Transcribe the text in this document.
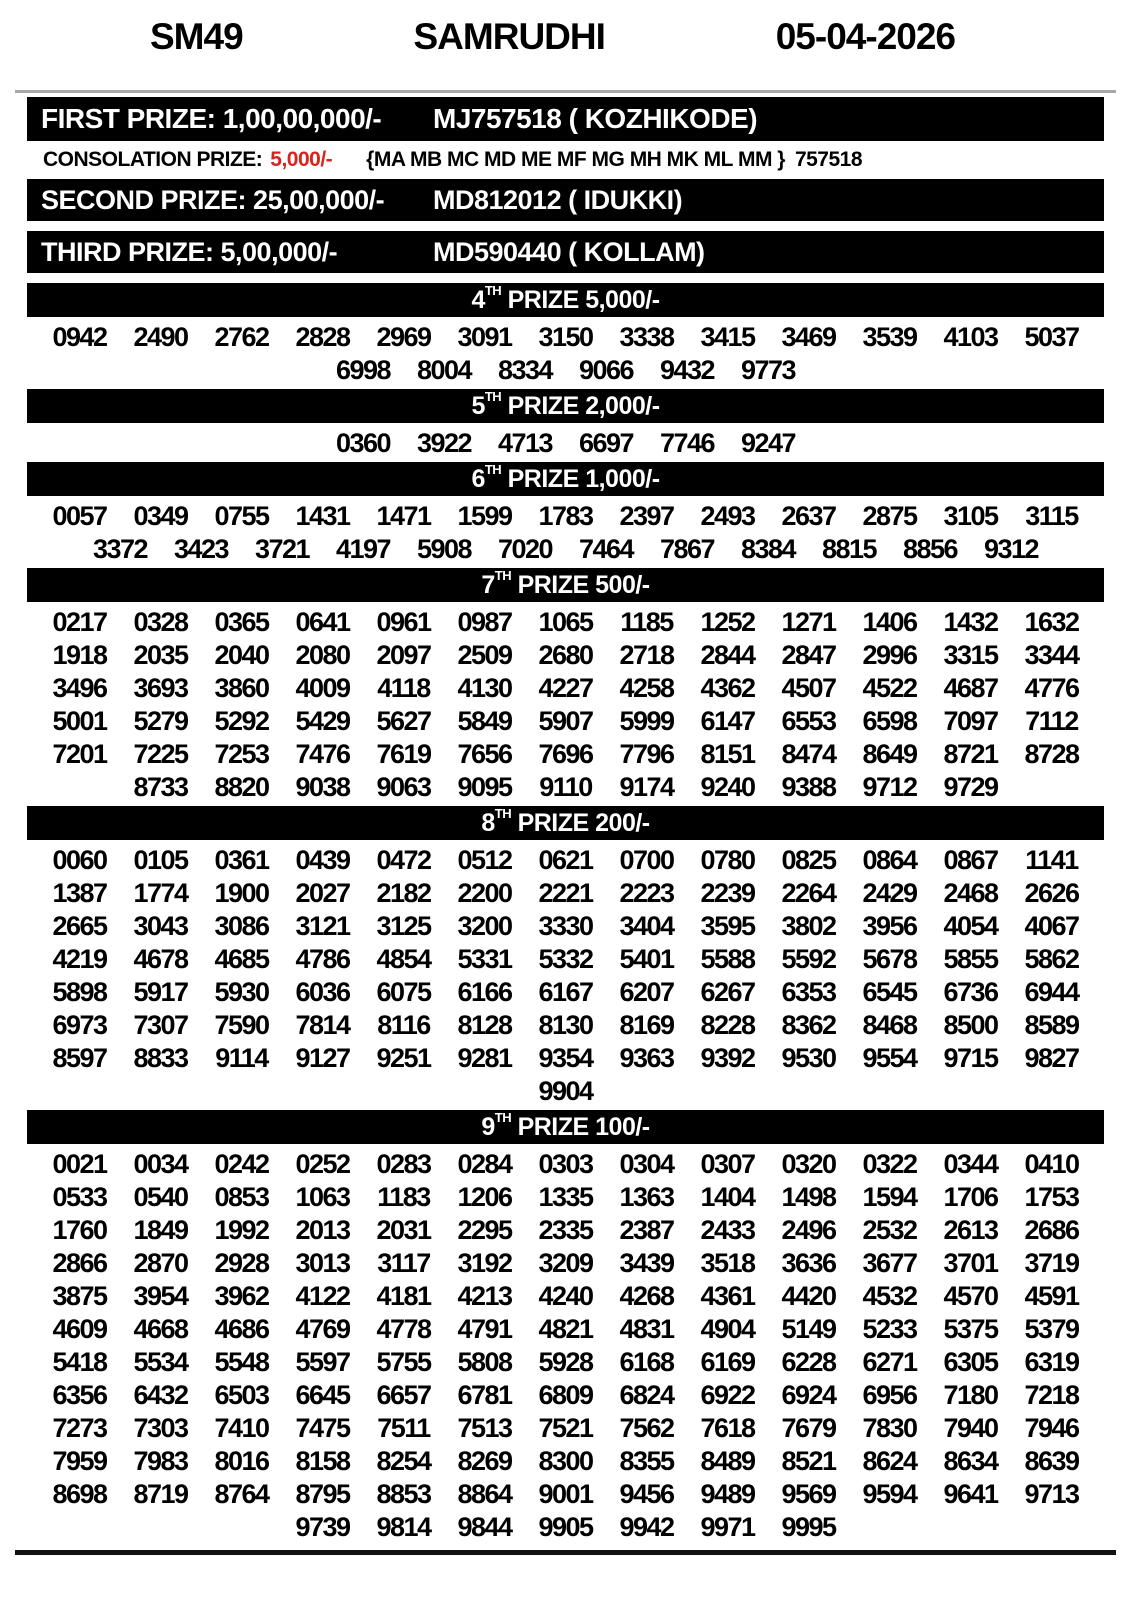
SM49	SAMRUDHI	05-04-2026
FIRST PRIZE: 1,00,00,000/-	MJ757518 ( KOZHIKODE)
CONSOLATION PRIZE: 5,000/- {MA MB MC MD ME MF MG MH MK ML MM } 757518
SECOND PRIZE: 25,00,000/-	MD812012 ( IDUKKI)
THIRD PRIZE: 5,00,000/-	MD590440 ( KOLLAM)
4TH PRIZE 5,000/-
0942 2490 2762 2828 2969 3091 3150 3338 3415 3469 3539 4103 5037
6998 8004 8334 9066 9432 9773
5TH PRIZE 2,000/-
0360 3922 4713 6697 7746 9247
6TH PRIZE 1,000/-
0057 0349 0755 1431 1471 1599 1783 2397 2493 2637 2875 3105 3115
3372 3423 3721 4197 5908 7020 7464 7867 8384 8815 8856 9312
7TH PRIZE 500/-
0217 0328 0365 0641 0961 0987 1065 1185 1252 1271 1406 1432 1632
1918 2035 2040 2080 2097 2509 2680 2718 2844 2847 2996 3315 3344
3496 3693 3860 4009 4118 4130 4227 4258 4362 4507 4522 4687 4776
5001 5279 5292 5429 5627 5849 5907 5999 6147 6553 6598 7097 7112
7201 7225 7253 7476 7619 7656 7696 7796 8151 8474 8649 8721 8728
8733 8820 9038 9063 9095 9110 9174 9240 9388 9712 9729
8TH PRIZE 200/-
0060 0105 0361 0439 0472 0512 0621 0700 0780 0825 0864 0867 1141
1387 1774 1900 2027 2182 2200 2221 2223 2239 2264 2429 2468 2626
2665 3043 3086 3121 3125 3200 3330 3404 3595 3802 3956 4054 4067
4219 4678 4685 4786 4854 5331 5332 5401 5588 5592 5678 5855 5862
5898 5917 5930 6036 6075 6166 6167 6207 6267 6353 6545 6736 6944
6973 7307 7590 7814 8116 8128 8130 8169 8228 8362 8468 8500 8589
8597 8833 9114 9127 9251 9281 9354 9363 9392 9530 9554 9715 9827
9904
9TH PRIZE 100/-
0021 0034 0242 0252 0283 0284 0303 0304 0307 0320 0322 0344 0410
0533 0540 0853 1063 1183 1206 1335 1363 1404 1498 1594 1706 1753
1760 1849 1992 2013 2031 2295 2335 2387 2433 2496 2532 2613 2686
2866 2870 2928 3013 3117 3192 3209 3439 3518 3636 3677 3701 3719
3875 3954 3962 4122 4181 4213 4240 4268 4361 4420 4532 4570 4591
4609 4668 4686 4769 4778 4791 4821 4831 4904 5149 5233 5375 5379
5418 5534 5548 5597 5755 5808 5928 6168 6169 6228 6271 6305 6319
6356 6432 6503 6645 6657 6781 6809 6824 6922 6924 6956 7180 7218
7273 7303 7410 7475 7511 7513 7521 7562 7618 7679 7830 7940 7946
7959 7983 8016 8158 8254 8269 8300 8355 8489 8521 8624 8634 8639
8698 8719 8764 8795 8853 8864 9001 9456 9489 9569 9594 9641 9713
9739 9814 9844 9905 9942 9971 9995
